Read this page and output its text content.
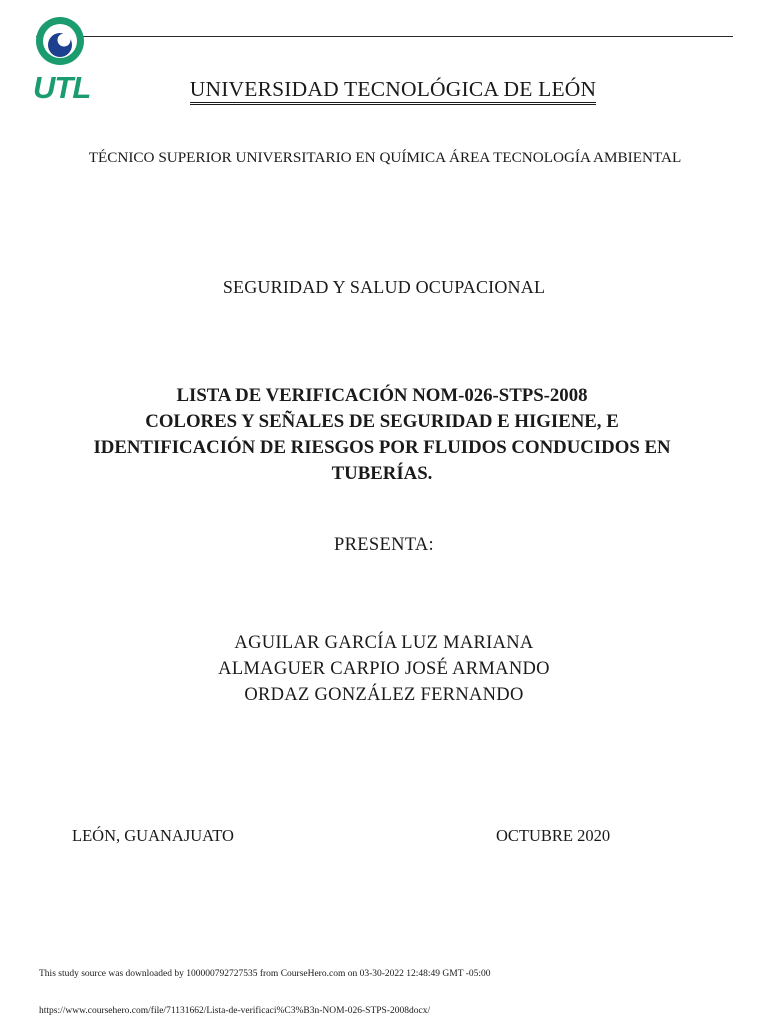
UTL	UNIVERSIDAD TECNOLÓGICA DE LEÓN
TÉCNICO SUPERIOR UNIVERSITARIO EN QUÍMICA ÁREA TECNOLOGÍA AMBIENTAL
SEGURIDAD Y SALUD OCUPACIONAL
LISTA DE VERIFICACIÓN NOM-026-STPS-2008
COLORES Y SEÑALES DE SEGURIDAD E HIGIENE, E
IDENTIFICACIÓN DE RIESGOS POR FLUIDOS CONDUCIDOS EN
TUBERÍAS.
PRESENTA:
AGUILAR GARCÍA LUZ MARIANA
ALMAGUER CARPIO JOSÉ ARMANDO
ORDAZ GONZÁLEZ FERNANDO
LEÓN, GUANAJUATO	OCTUBRE 2020
This study source was downloaded by 100000792727535 from CourseHero.com on 03-30-2022 12:48:49 GMT -05:00
https://www.coursehero.com/file/71131662/Lista-de-verificaci%C3%B3n-NOM-026-STPS-2008docx/
